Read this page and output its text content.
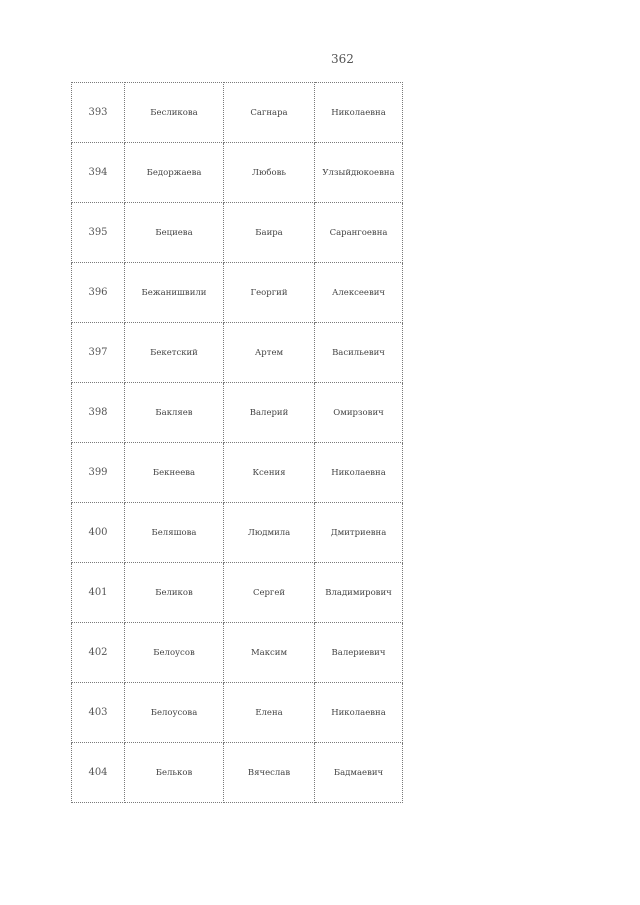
362
393	Бесликова	Сагнара	Николаевна
394	Бедоржаева	Любовь	Улзыйдюкоевна
395	Бециева	Баира	Сарангоевна
396	Бежанишвили	Георгий	Алексеевич
397	Бекетский	Артем	Васильевич
398	Бакляев	Валерий	Омирзович
399	Бекнеева	Ксения	Николаевна
400	Беляшова	Людмила	Дмитриевна
401	Беликов	Сергей	Владимирович
402	Белоусов	Максим	Валериевич
403	Белоусова	Елена	Николаевна
404	Бельков	Вячеслав	Бадмаевич
